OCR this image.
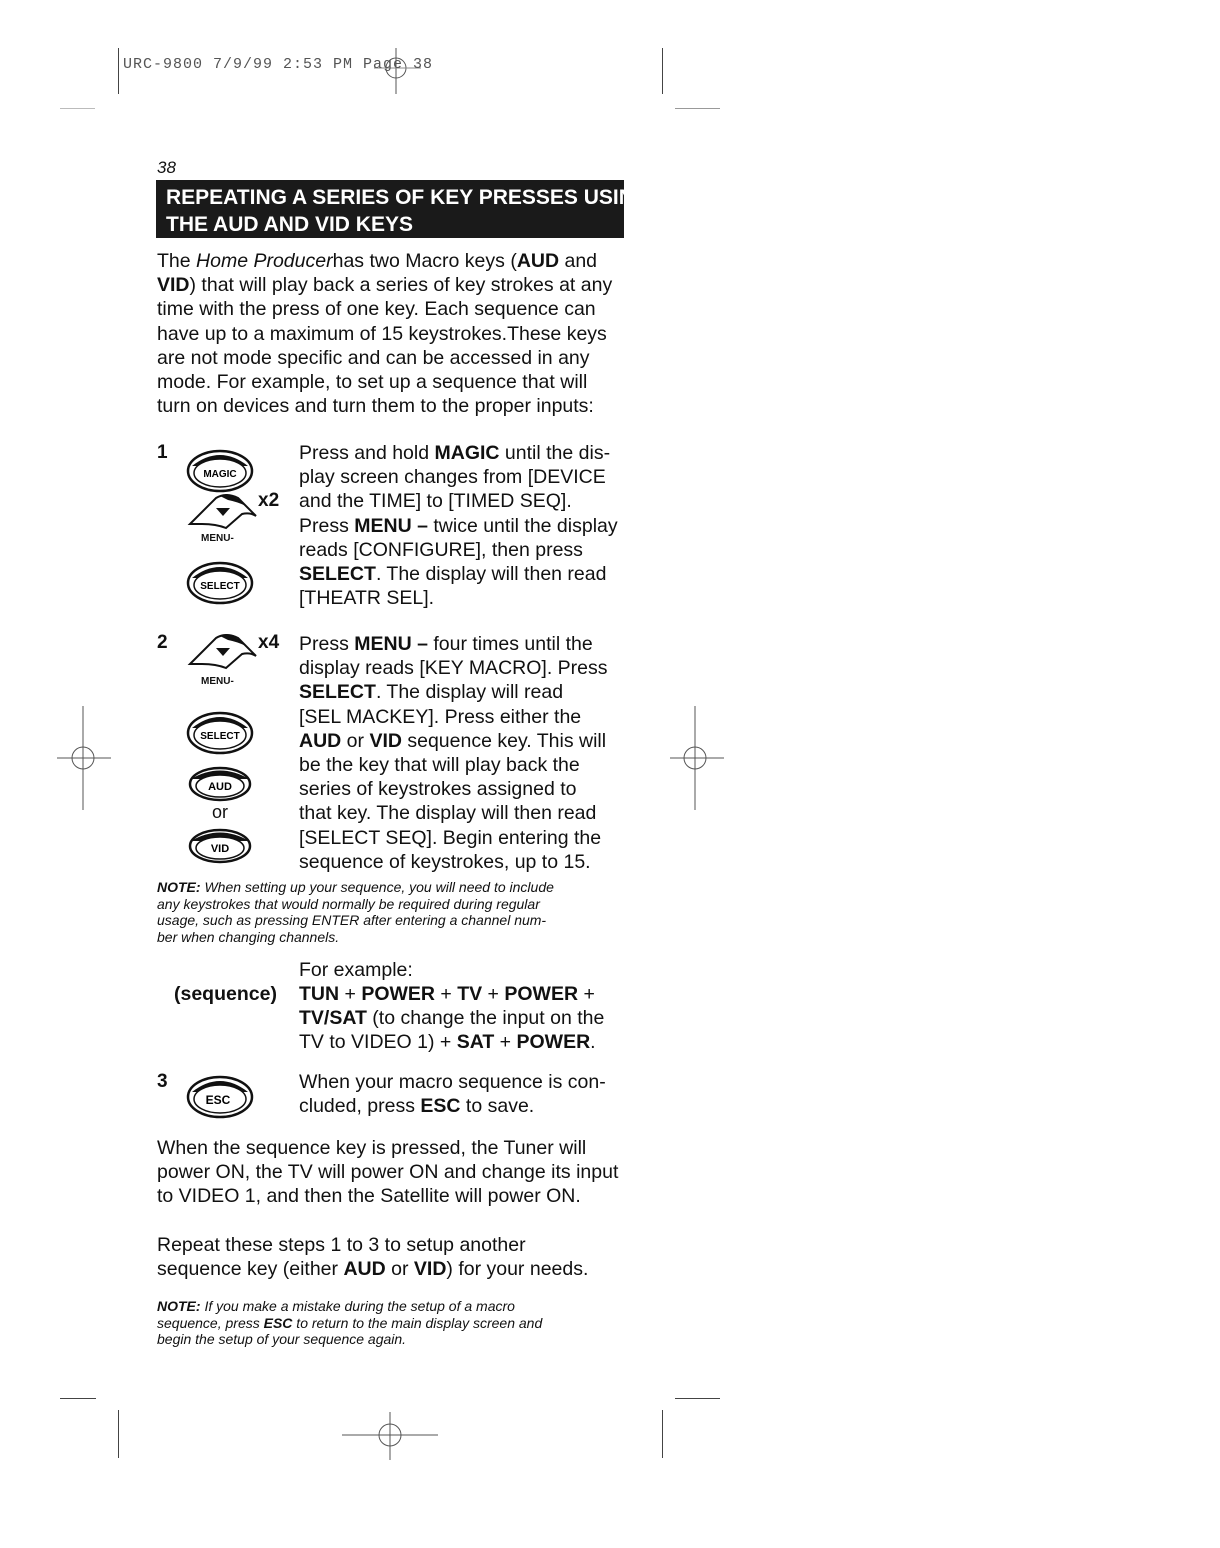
URC-9800 7/9/99 2:53 PM Page 38
38
REPEATING A SERIES OF KEY PRESSES USING
THE AUD AND VID KEYS
The Home Producerhas two Macro keys (AUD and
VID) that will play back a series of key strokes at any
time with the press of one key. Each sequence can
have up to a maximum of 15 keystrokes.These keys
are not mode specific and can be accessed in any
mode. For example, to set up a sequence that will
turn on devices and turn them to the proper inputs:
1
MAGIC
MENU-
x2
SELECT
Press and hold MAGIC until the dis-
play screen changes from [DEVICE
and the TIME] to [TIMED SEQ].
Press MENU – twice until the display
reads [CONFIGURE], then press
SELECT. The display will then read
[THEATR SEL].
2
MENU-
x4
SELECT
AUD
or
VID
Press MENU – four times until the
display reads [KEY MACRO]. Press
SELECT. The display will read
[SEL MACKEY]. Press either the
AUD or VID sequence key. This will
be the key that will play back the
series of keystrokes assigned to
that key. The display will then read
[SELECT SEQ]. Begin entering the
sequence of keystrokes, up to 15.
NOTE: When setting up your sequence, you will need to include
any keystrokes that would normally be required during regular
usage, such as pressing ENTER after entering a channel num-
ber when changing channels.
For example:
(sequence) TUN + POWER + TV + POWER +
TV/SAT (to change the input on the
TV to VIDEO 1) + SAT + POWER.
3
ESC
When your macro sequence is con-
cluded, press ESC to save.
When the sequence key is pressed, the Tuner will
power ON, the TV will power ON and change its input
to VIDEO 1, and then the Satellite will power ON.
Repeat these steps 1 to 3 to setup another
sequence key (either AUD or VID) for your needs.
NOTE: If you make a mistake during the setup of a macro
sequence, press ESC to return to the main display screen and
begin the setup of your sequence again.
